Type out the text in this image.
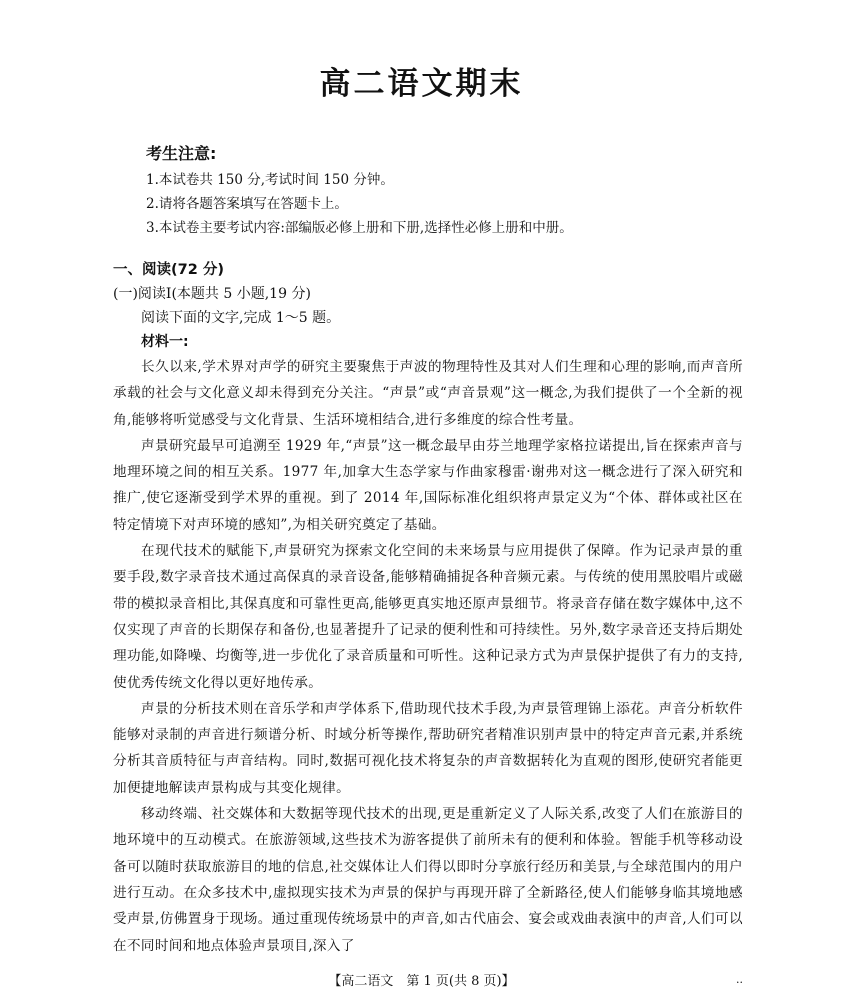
高二语文期末
考生注意:
1.本试卷共 150 分,考试时间 150 分钟。
2.请将各题答案填写在答题卡上。
3.本试卷主要考试内容:部编版必修上册和下册,选择性必修上册和中册。
一、阅读(72 分)
(一)阅读Ⅰ(本题共 5 小题,19 分)
阅读下面的文字,完成 1～5 题。
材料一:

长久以来,学术界对声学的研究主要聚焦于声波的物理特性及其对人们生理和心理的影响,而声音所承载的社会与文化意义却未得到充分关注。“声景”或“声音景观”这一概念,为我们提供了一个全新的视角,能够将听觉感受与文化背景、生活环境相结合,进行多维度的综合性考量。

声景研究最早可追溯至 1929 年,“声景”这一概念最早由芬兰地理学家格拉诺提出,旨在探索声音与地理环境之间的相互关系。1977 年,加拿大生态学家与作曲家穆雷·谢弗对这一概念进行了深入研究和推广,使它逐渐受到学术界的重视。到了 2014 年,国际标准化组织将声景定义为“个体、群体或社区在特定情境下对声环境的感知”,为相关研究奠定了基础。

在现代技术的赋能下,声景研究为探索文化空间的未来场景与应用提供了保障。作为记录声景的重要手段,数字录音技术通过高保真的录音设备,能够精确捕捉各种音频元素。与传统的使用黑胶唱片或磁带的模拟录音相比,其保真度和可靠性更高,能够更真实地还原声景细节。将录音存储在数字媒体中,这不仅实现了声音的长期保存和备份,也显著提升了记录的便利性和可持续性。另外,数字录音还支持后期处理功能,如降噪、均衡等,进一步优化了录音质量和可听性。这种记录方式为声景保护提供了有力的支持,使优秀传统文化得以更好地传承。

声景的分析技术则在音乐学和声学体系下,借助现代技术手段,为声景管理锦上添花。声音分析软件能够对录制的声音进行频谱分析、时域分析等操作,帮助研究者精准识别声景中的特定声音元素,并系统分析其音质特征与声音结构。同时,数据可视化技术将复杂的声音数据转化为直观的图形,使研究者能更加便捷地解读声景构成与其变化规律。

移动终端、社交媒体和大数据等现代技术的出现,更是重新定义了人际关系,改变了人们在旅游目的地环境中的互动模式。在旅游领域,这些技术为游客提供了前所未有的便利和体验。智能手机等移动设备可以随时获取旅游目的地的信息,社交媒体让人们得以即时分享旅行经历和美景,与全球范围内的用户进行互动。在众多技术中,虚拟现实技术为声景的保护与再现开辟了全新路径,使人们能够身临其境地感受声景,仿佛置身于现场。通过重现传统场景中的声音,如古代庙会、宴会或戏曲表演中的声音,人们可以在不同时间和地点体验声景项目,深入了

【高二语文　第 1 页(共 8 页)】	··
